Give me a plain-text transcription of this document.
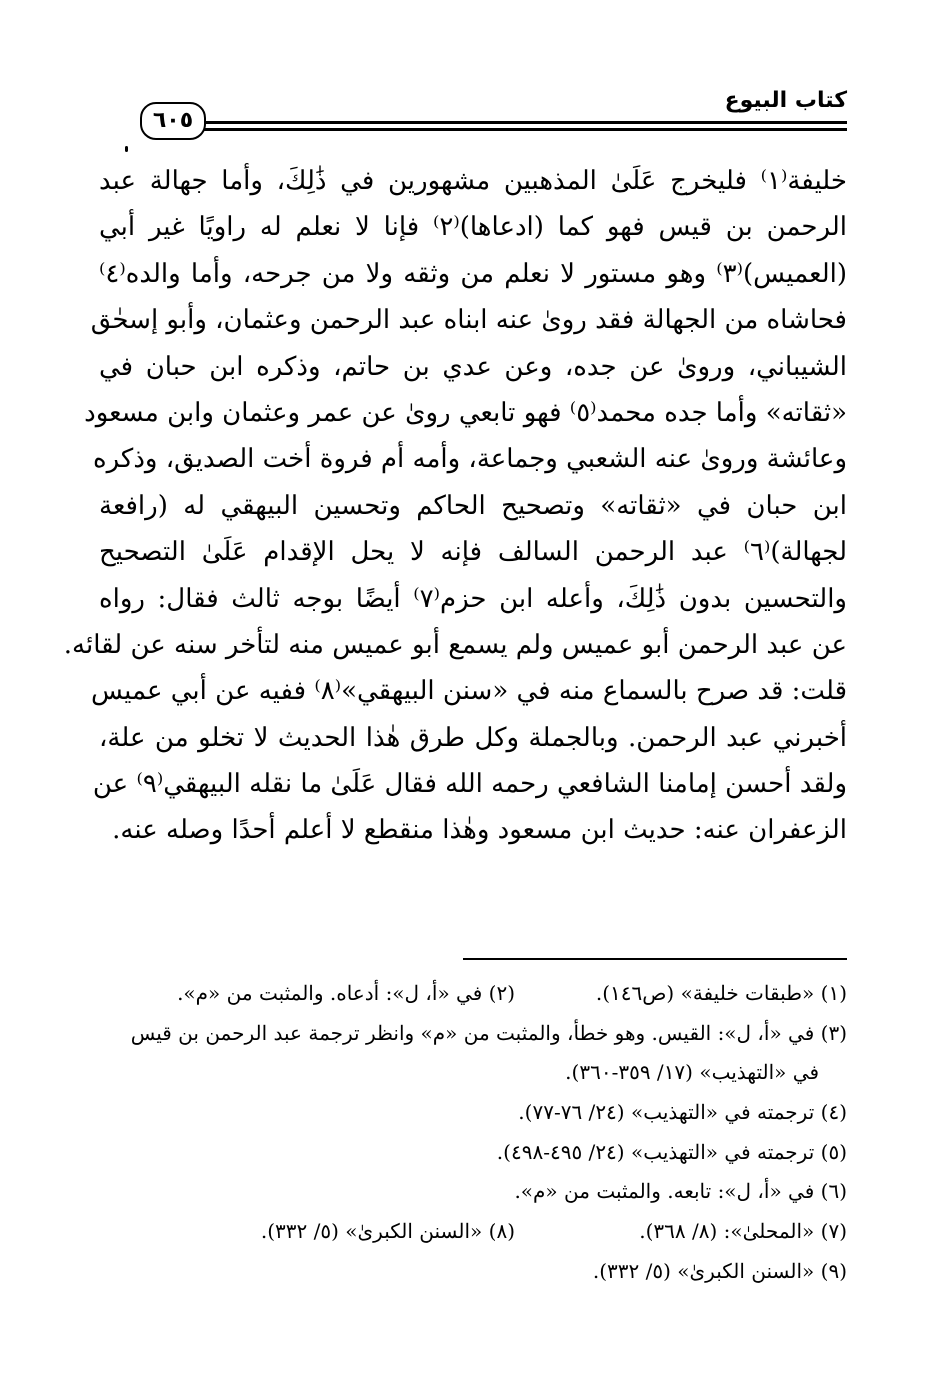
كتاب البيوع
٦٠٥
خليفة⁽١⁾ فليخرج عَلَىٰ المذهبين مشهورين في ذَٰلِكَ، وأما جهالة عبد
الرحمن بن قيس فهو كما (ادعاها)⁽٢⁾ فإنا لا نعلم له راويًا غير أبي
(العميس)⁽٣⁾ وهو مستور لا نعلم من وثقه ولا من جرحه، وأما والده⁽٤⁾
فحاشاه من الجهالة فقد روىٰ عنه ابناه عبد الرحمن وعثمان، وأبو إسحٰق
الشيباني، ورویٰ عن جده، وعن عدي بن حاتم، وذكره ابن حبان في
«ثقاته» وأما جده محمد⁽٥⁾ فهو تابعي روىٰ عن عمر وعثمان وابن مسعود
وعائشة وروىٰ عنه الشعبي وجماعة، وأمه أم فروة أخت الصديق، وذكره
ابن حبان في «ثقاته» وتصحيح الحاكم وتحسين البيهقي له (رافعة
لجهالة)⁽٦⁾ عبد الرحمن السالف فإنه لا يحل الإقدام عَلَىٰ التصحيح
والتحسين بدون ذَٰلِكَ، وأعله ابن حزم⁽٧⁾ أيضًا بوجه ثالث فقال: رواه
عن عبد الرحمن أبو عميس ولم يسمع أبو عميس منه لتأخر سنه عن لقائه.
قلت: قد صرح بالسماع منه في «سنن البيهقي»⁽٨⁾ ففيه عن أبي عميس
أخبرني عبد الرحمن. وبالجملة وكل طرق هٰذا الحديث لا تخلو من علة،
ولقد أحسن إمامنا الشافعي رحمه الله فقال عَلَىٰ ما نقله البيهقي⁽٩⁾ عن
الزعفران عنه: حديث ابن مسعود وهٰذا منقطع لا أعلم أحدًا وصله عنه.
(١) «طبقات خليفة» (ص١٤٦).
(٢) في «أ، ل»: أدعاه. والمثبت من «م».
(٣) في «أ، ل»: القيس. وهو خطأ، والمثبت من «م» وانظر ترجمة عبد الرحمن بن قيس
في «التهذيب» (١٧/ ٣٥٩-٣٦٠).
(٤) ترجمته في «التهذيب» (٢٤/ ٧٦-٧٧).
(٥) ترجمته في «التهذيب» (٢٤/ ٤٩٥-٤٩٨).
(٦) في «أ، ل»: تابعه. والمثبت من «م».
(٧) «المحلىٰ»: (٨/ ٣٦٨).
(٨) «السنن الكبرىٰ» (٥/ ٣٣٢).
(٩) «السنن الكبرىٰ» (٥/ ٣٣٢).
